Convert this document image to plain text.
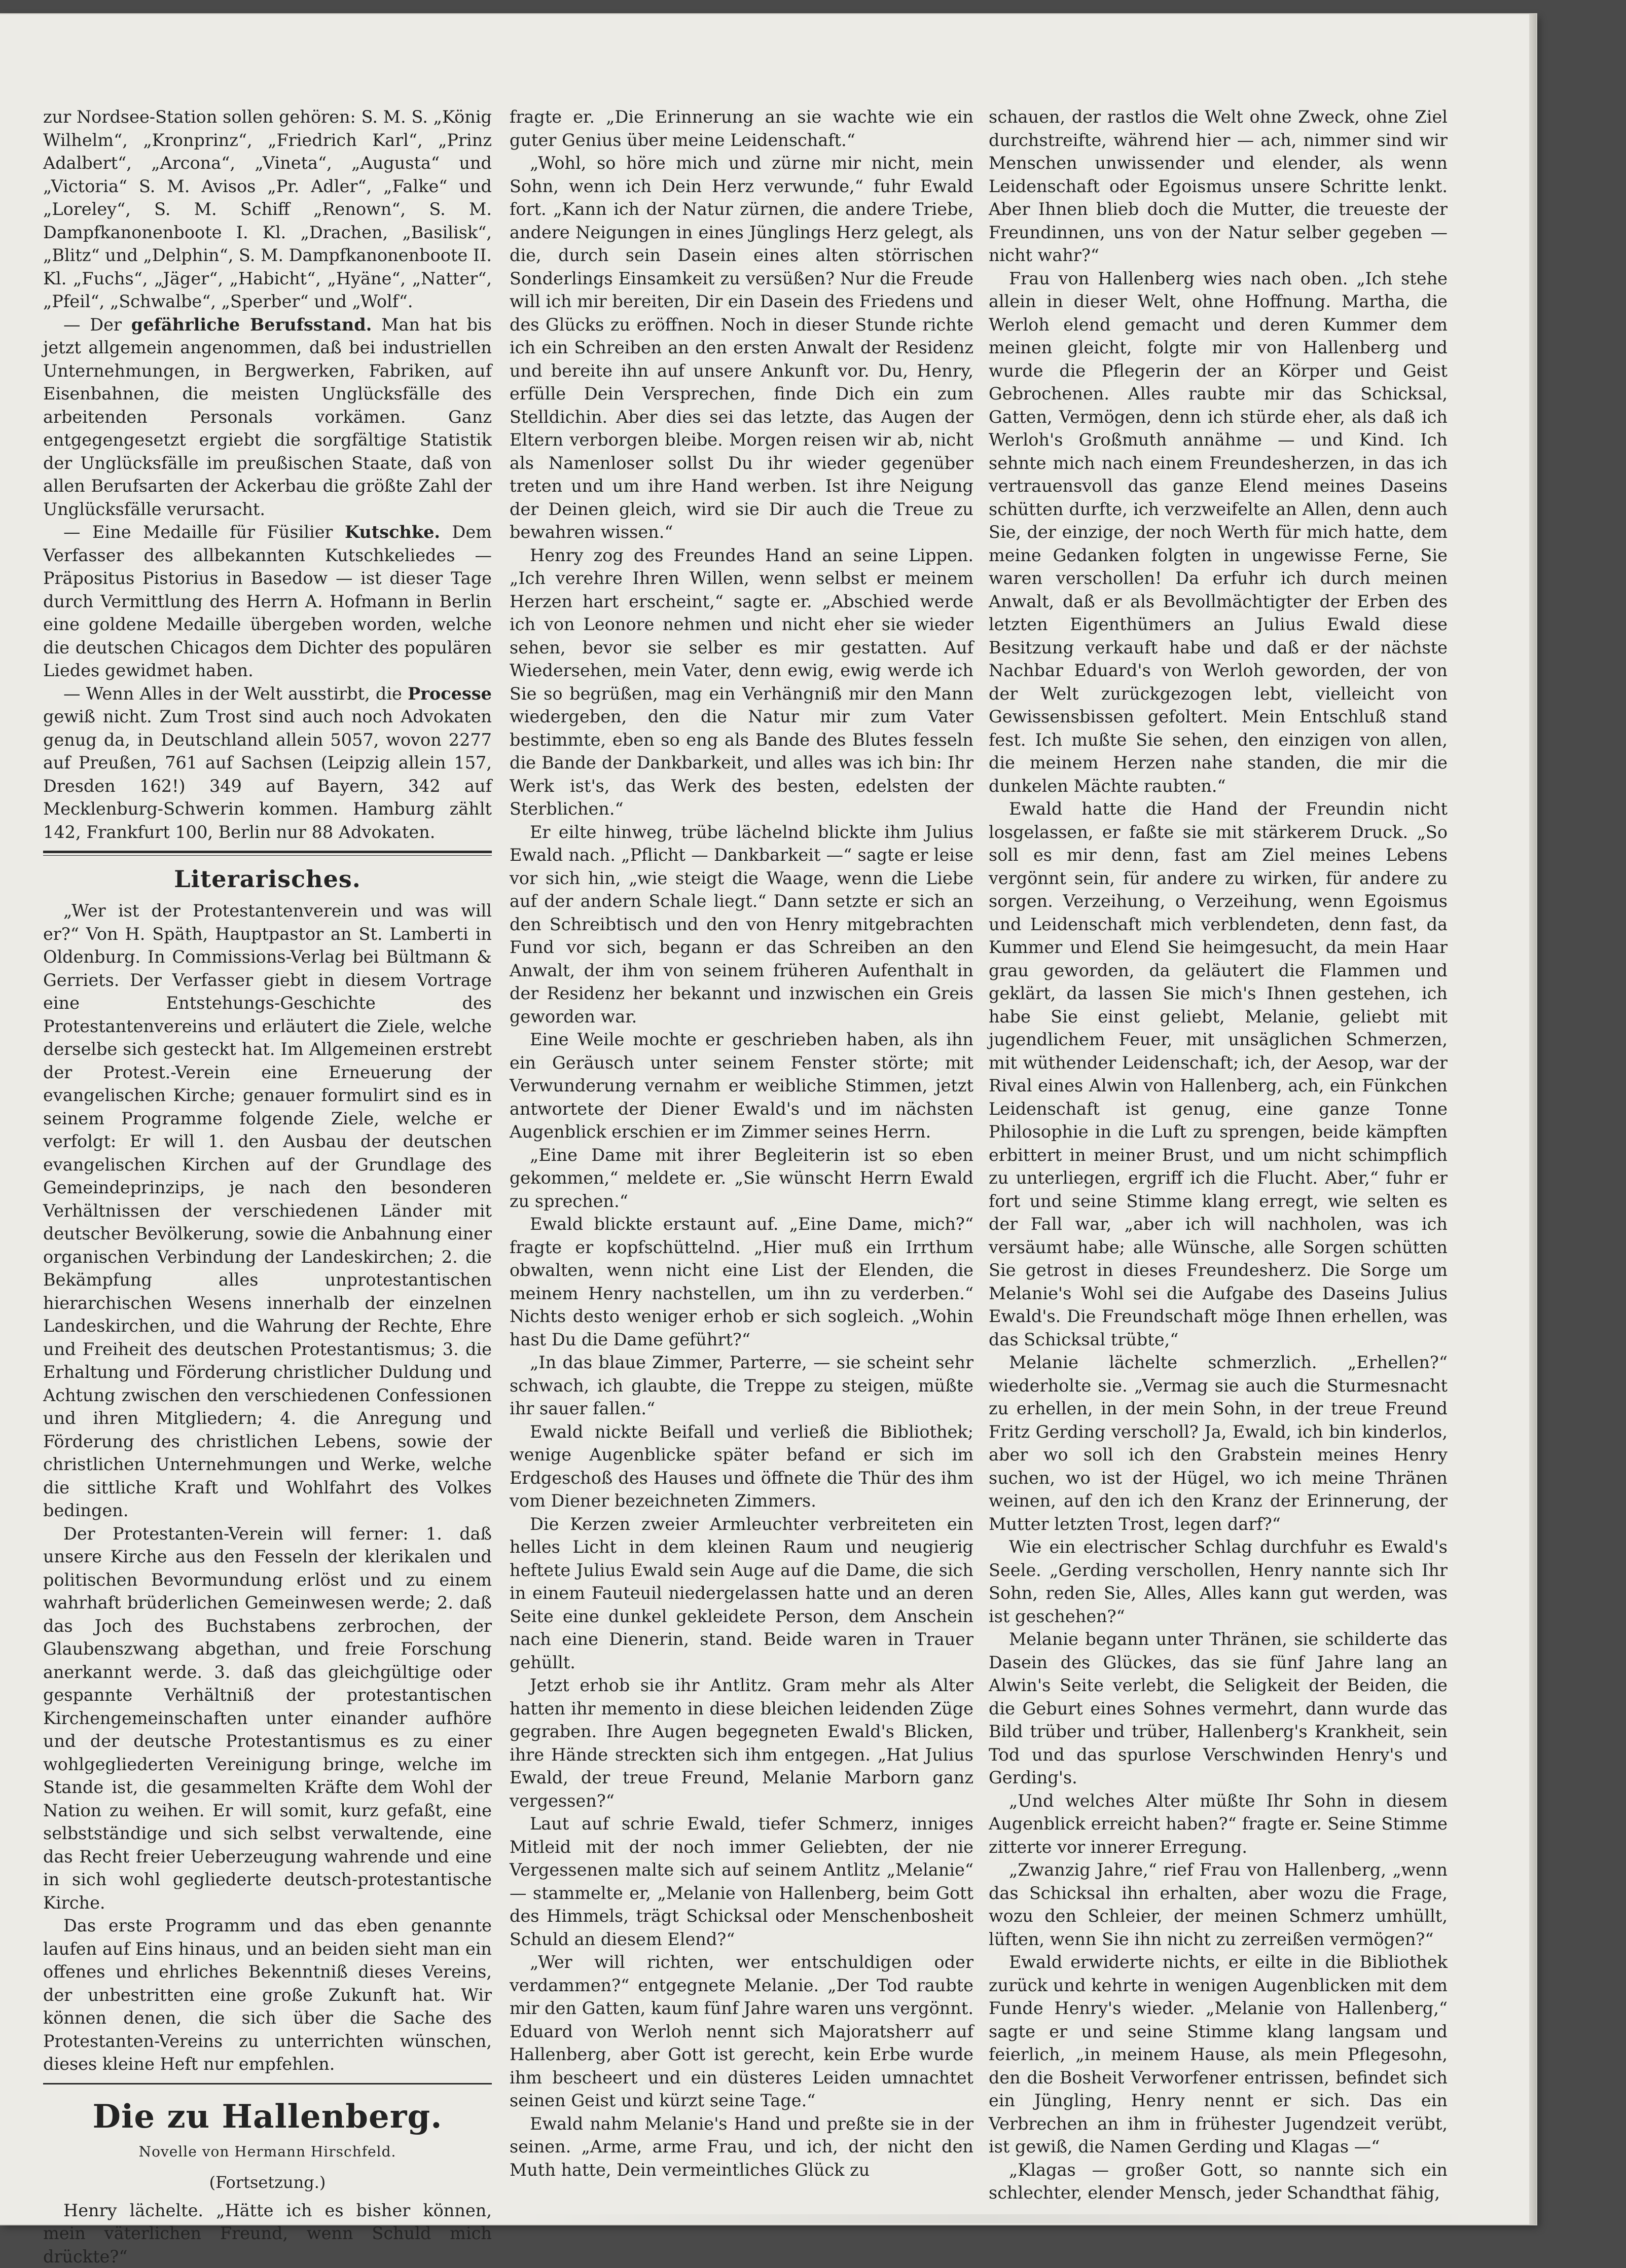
zur Nordsee-Station sollen gehören: S. M. S. „König Wilhelm“, „Kronprinz“, „Friedrich Karl“, „Prinz Adalbert“, „Arcona“, „Vineta“, „Augusta“ und „Victoria“ S. M. Avisos „Pr. Adler“, „Falke“ und „Loreley“, S. M. Schiff „Renown“, S. M. Dampfkanonenboote I. Kl. „Drachen, „Basilisk“, „Blitz“ und „Delphin“, S. M. Dampfkanonenboote II. Kl. „Fuchs“, „Jäger“, „Habicht“, „Hyäne“, „Natter“, „Pfeil“, „Schwalbe“, „Sperber“ und „Wolf“.

— Der gefährliche Berufsstand. Man hat bis jetzt allgemein angenommen, daß bei industriellen Unternehmungen, in Bergwerken, Fabriken, auf Eisenbahnen, die meisten Unglücksfälle des arbeitenden Personals vorkämen. Ganz entgegengesetzt ergiebt die sorgfältige Statistik der Unglücksfälle im preußischen Staate, daß von allen Berufsarten der Ackerbau die größte Zahl der Unglücksfälle verursacht.

— Eine Medaille für Füsilier Kutschke. Dem Verfasser des allbekannten Kutschkeliedes — Präpositus Pistorius in Basedow — ist dieser Tage durch Vermittlung des Herrn A. Hofmann in Berlin eine goldene Medaille übergeben worden, welche die deutschen Chicagos dem Dichter des populären Liedes gewidmet haben.

— Wenn Alles in der Welt ausstirbt, die Processe gewiß nicht. Zum Trost sind auch noch Advokaten genug da, in Deutschland allein 5057, wovon 2277 auf Preußen, 761 auf Sachsen (Leipzig allein 157, Dresden 162!) 349 auf Bayern, 342 auf Mecklenburg-Schwerin kommen. Hamburg zählt 142, Frankfurt 100, Berlin nur 88 Advokaten.

Literarisches.

„Wer ist der Protestantenverein und was will er?“ Von H. Späth, Hauptpastor an St. Lamberti in Oldenburg. In Commissions-Verlag bei Bültmann & Gerriets. Der Verfasser giebt in diesem Vortrage eine Entstehungs-Geschichte des Protestantenvereins und erläutert die Ziele, welche derselbe sich gesteckt hat. Im Allgemeinen erstrebt der Protest.-Verein eine Erneuerung der evangelischen Kirche; genauer formulirt sind es in seinem Programme folgende Ziele, welche er verfolgt: Er will 1. den Ausbau der deutschen evangelischen Kirchen auf der Grundlage des Gemeindeprinzips, je nach den besonderen Verhältnissen der verschiedenen Länder mit deutscher Bevölkerung, sowie die Anbahnung einer organischen Verbindung der Landeskirchen; 2. die Bekämpfung alles unprotestantischen hierarchischen Wesens innerhalb der einzelnen Landeskirchen, und die Wahrung der Rechte, Ehre und Freiheit des deutschen Protestantismus; 3. die Erhaltung und Förderung christlicher Duldung und Achtung zwischen den verschiedenen Confessionen und ihren Mitgliedern; 4. die Anregung und Förderung des christlichen Lebens, sowie der christlichen Unternehmungen und Werke, welche die sittliche Kraft und Wohlfahrt des Volkes bedingen.

Der Protestanten-Verein will ferner: 1. daß unsere Kirche aus den Fesseln der klerikalen und politischen Bevormundung erlöst und zu einem wahrhaft brüderlichen Gemeinwesen werde; 2. daß das Joch des Buchstabens zerbrochen, der Glaubenszwang abgethan, und freie Forschung anerkannt werde. 3. daß das gleichgültige oder gespannte Verhältniß der protestantischen Kirchengemeinschaften unter einander aufhöre und der deutsche Protestantismus es zu einer wohlgegliederten Vereinigung bringe, welche im Stande ist, die gesammelten Kräfte dem Wohl der Nation zu weihen. Er will somit, kurz gefaßt, eine selbstständige und sich selbst verwaltende, eine das Recht freier Ueberzeugung wahrende und eine in sich wohl gegliederte deutsch-protestantische Kirche.

Das erste Programm und das eben genannte laufen auf Eins hinaus, und an beiden sieht man ein offenes und ehrliches Bekenntniß dieses Vereins, der unbestritten eine große Zukunft hat. Wir können denen, die sich über die Sache des Protestanten-Vereins zu unterrichten wünschen, dieses kleine Heft nur empfehlen.

Die zu Hallenberg.
Novelle von Hermann Hirschfeld.
(Fortsetzung.)

Henry lächelte. „Hätte ich es bisher können, mein väterlichen Freund, wenn Schuld mich drückte?“

fragte er. „Die Erinnerung an sie wachte wie ein guter Genius über meine Leidenschaft.“

„Wohl, so höre mich und zürne mir nicht, mein Sohn, wenn ich Dein Herz verwunde,“ fuhr Ewald fort. „Kann ich der Natur zürnen, die andere Triebe, andere Neigungen in eines Jünglings Herz gelegt, als die, durch sein Dasein eines alten störrischen Sonderlings Einsamkeit zu versüßen? Nur die Freude will ich mir bereiten, Dir ein Dasein des Friedens und des Glücks zu eröffnen. Noch in dieser Stunde richte ich ein Schreiben an den ersten Anwalt der Residenz und bereite ihn auf unsere Ankunft vor. Du, Henry, erfülle Dein Versprechen, finde Dich ein zum Stelldichin. Aber dies sei das letzte, das Augen der Eltern verborgen bleibe. Morgen reisen wir ab, nicht als Namenloser sollst Du ihr wieder gegenüber treten und um ihre Hand werben. Ist ihre Neigung der Deinen gleich, wird sie Dir auch die Treue zu bewahren wissen.“

Henry zog des Freundes Hand an seine Lippen. „Ich verehre Ihren Willen, wenn selbst er meinem Herzen hart erscheint,“ sagte er. „Abschied werde ich von Leonore nehmen und nicht eher sie wieder sehen, bevor sie selber es mir gestatten. Auf Wiedersehen, mein Vater, denn ewig, ewig werde ich Sie so begrüßen, mag ein Verhängniß mir den Mann wiedergeben, den die Natur mir zum Vater bestimmte, eben so eng als Bande des Blutes fesseln die Bande der Dankbarkeit, und alles was ich bin: Ihr Werk ist's, das Werk des besten, edelsten der Sterblichen.“

Er eilte hinweg, trübe lächelnd blickte ihm Julius Ewald nach. „Pflicht — Dankbarkeit —“ sagte er leise vor sich hin, „wie steigt die Waage, wenn die Liebe auf der andern Schale liegt.“ Dann setzte er sich an den Schreibtisch und den von Henry mitgebrachten Fund vor sich, begann er das Schreiben an den Anwalt, der ihm von seinem früheren Aufenthalt in der Residenz her bekannt und inzwischen ein Greis geworden war.

Eine Weile mochte er geschrieben haben, als ihn ein Geräusch unter seinem Fenster störte; mit Verwunderung vernahm er weibliche Stimmen, jetzt antwortete der Diener Ewald's und im nächsten Augenblick erschien er im Zimmer seines Herrn.

„Eine Dame mit ihrer Begleiterin ist so eben gekommen,“ meldete er. „Sie wünscht Herrn Ewald zu sprechen.“

Ewald blickte erstaunt auf. „Eine Dame, mich?“ fragte er kopfschüttelnd. „Hier muß ein Irrthum obwalten, wenn nicht eine List der Elenden, die meinem Henry nachstellen, um ihn zu verderben.“ Nichts desto weniger erhob er sich sogleich. „Wohin hast Du die Dame geführt?“

„In das blaue Zimmer, Parterre, — sie scheint sehr schwach, ich glaubte, die Treppe zu steigen, müßte ihr sauer fallen.“

Ewald nickte Beifall und verließ die Bibliothek; wenige Augenblicke später befand er sich im Erdgeschoß des Hauses und öffnete die Thür des ihm vom Diener bezeichneten Zimmers.

Die Kerzen zweier Armleuchter verbreiteten ein helles Licht in dem kleinen Raum und neugierig heftete Julius Ewald sein Auge auf die Dame, die sich in einem Fauteuil niedergelassen hatte und an deren Seite eine dunkel gekleidete Person, dem Anschein nach eine Dienerin, stand. Beide waren in Trauer gehüllt.

Jetzt erhob sie ihr Antlitz. Gram mehr als Alter hatten ihr memento in diese bleichen leidenden Züge gegraben. Ihre Augen begegneten Ewald's Blicken, ihre Hände streckten sich ihm entgegen. „Hat Julius Ewald, der treue Freund, Melanie Marborn ganz vergessen?“

Laut auf schrie Ewald, tiefer Schmerz, inniges Mitleid mit der noch immer Geliebten, der nie Vergessenen malte sich auf seinem Antlitz „Melanie“ — stammelte er, „Melanie von Hallenberg, beim Gott des Himmels, trägt Schicksal oder Menschenbosheit Schuld an diesem Elend?“

„Wer will richten, wer entschuldigen oder verdammen?“ entgegnete Melanie. „Der Tod raubte mir den Gatten, kaum fünf Jahre waren uns vergönnt. Eduard von Werloh nennt sich Majoratsherr auf Hallenberg, aber Gott ist gerecht, kein Erbe wurde ihm bescheert und ein düsteres Leiden umnachtet seinen Geist und kürzt seine Tage.“

Ewald nahm Melanie's Hand und preßte sie in der seinen. „Arme, arme Frau, und ich, der nicht den Muth hatte, Dein vermeintliches Glück zu

schauen, der rastlos die Welt ohne Zweck, ohne Ziel durchstreifte, während hier — ach, nimmer sind wir Menschen unwissender und elender, als wenn Leidenschaft oder Egoismus unsere Schritte lenkt. Aber Ihnen blieb doch die Mutter, die treueste der Freundinnen, uns von der Natur selber gegeben — nicht wahr?“

Frau von Hallenberg wies nach oben. „Ich stehe allein in dieser Welt, ohne Hoffnung. Martha, die Werloh elend gemacht und deren Kummer dem meinen gleicht, folgte mir von Hallenberg und wurde die Pflegerin der an Körper und Geist Gebrochenen. Alles raubte mir das Schicksal, Gatten, Vermögen, denn ich stürde eher, als daß ich Werloh's Großmuth annähme — und Kind. Ich sehnte mich nach einem Freundesherzen, in das ich vertrauensvoll das ganze Elend meines Daseins schütten durfte, ich verzweifelte an Allen, denn auch Sie, der einzige, der noch Werth für mich hatte, dem meine Gedanken folgten in ungewisse Ferne, Sie waren verschollen! Da erfuhr ich durch meinen Anwalt, daß er als Bevollmächtigter der Erben des letzten Eigenthümers an Julius Ewald diese Besitzung verkauft habe und daß er der nächste Nachbar Eduard's von Werloh geworden, der von der Welt zurückgezogen lebt, vielleicht von Gewissensbissen gefoltert. Mein Entschluß stand fest. Ich mußte Sie sehen, den einzigen von allen, die meinem Herzen nahe standen, die mir die dunkelen Mächte raubten.“

Ewald hatte die Hand der Freundin nicht losgelassen, er faßte sie mit stärkerem Druck. „So soll es mir denn, fast am Ziel meines Lebens vergönnt sein, für andere zu wirken, für andere zu sorgen. Verzeihung, o Verzeihung, wenn Egoismus und Leidenschaft mich verblendeten, denn fast, da Kummer und Elend Sie heimgesucht, da mein Haar grau geworden, da geläutert die Flammen und geklärt, da lassen Sie mich's Ihnen gestehen, ich habe Sie einst geliebt, Melanie, geliebt mit jugendlichem Feuer, mit unsäglichen Schmerzen, mit wüthender Leidenschaft; ich, der Aesop, war der Rival eines Alwin von Hallenberg, ach, ein Fünkchen Leidenschaft ist genug, eine ganze Tonne Philosophie in die Luft zu sprengen, beide kämpften erbittert in meiner Brust, und um nicht schimpflich zu unterliegen, ergriff ich die Flucht. Aber,“ fuhr er fort und seine Stimme klang erregt, wie selten es der Fall war, „aber ich will nachholen, was ich versäumt habe; alle Wünsche, alle Sorgen schütten Sie getrost in dieses Freundesherz. Die Sorge um Melanie's Wohl sei die Aufgabe des Daseins Julius Ewald's. Die Freundschaft möge Ihnen erhellen, was das Schicksal trübte,“

Melanie lächelte schmerzlich. „Erhellen?“ wiederholte sie. „Vermag sie auch die Sturmesnacht zu erhellen, in der mein Sohn, in der treue Freund Fritz Gerding verscholl? Ja, Ewald, ich bin kinderlos, aber wo soll ich den Grabstein meines Henry suchen, wo ist der Hügel, wo ich meine Thränen weinen, auf den ich den Kranz der Erinnerung, der Mutter letzten Trost, legen darf?“

Wie ein electrischer Schlag durchfuhr es Ewald's Seele. „Gerding verschollen, Henry nannte sich Ihr Sohn, reden Sie, Alles, Alles kann gut werden, was ist geschehen?“

Melanie begann unter Thränen, sie schilderte das Dasein des Glückes, das sie fünf Jahre lang an Alwin's Seite verlebt, die Seligkeit der Beiden, die die Geburt eines Sohnes vermehrt, dann wurde das Bild trüber und trüber, Hallenberg's Krankheit, sein Tod und das spurlose Verschwinden Henry's und Gerding's.

„Und welches Alter müßte Ihr Sohn in diesem Augenblick erreicht haben?“ fragte er. Seine Stimme zitterte vor innerer Erregung.

„Zwanzig Jahre,“ rief Frau von Hallenberg, „wenn das Schicksal ihn erhalten, aber wozu die Frage, wozu den Schleier, der meinen Schmerz umhüllt, lüften, wenn Sie ihn nicht zu zerreißen vermögen?“

Ewald erwiderte nichts, er eilte in die Bibliothek zurück und kehrte in wenigen Augenblicken mit dem Funde Henry's wieder. „Melanie von Hallenberg,“ sagte er und seine Stimme klang langsam und feierlich, „in meinem Hause, als mein Pflegesohn, den die Bosheit Verworfener entrissen, befindet sich ein Jüngling, Henry nennt er sich. Das ein Verbrechen an ihm in frühester Jugendzeit verübt, ist gewiß, die Namen Gerding und Klagas —“

„Klagas — großer Gott, so nannte sich ein schlechter, elender Mensch, jeder Schandthat fähig,
